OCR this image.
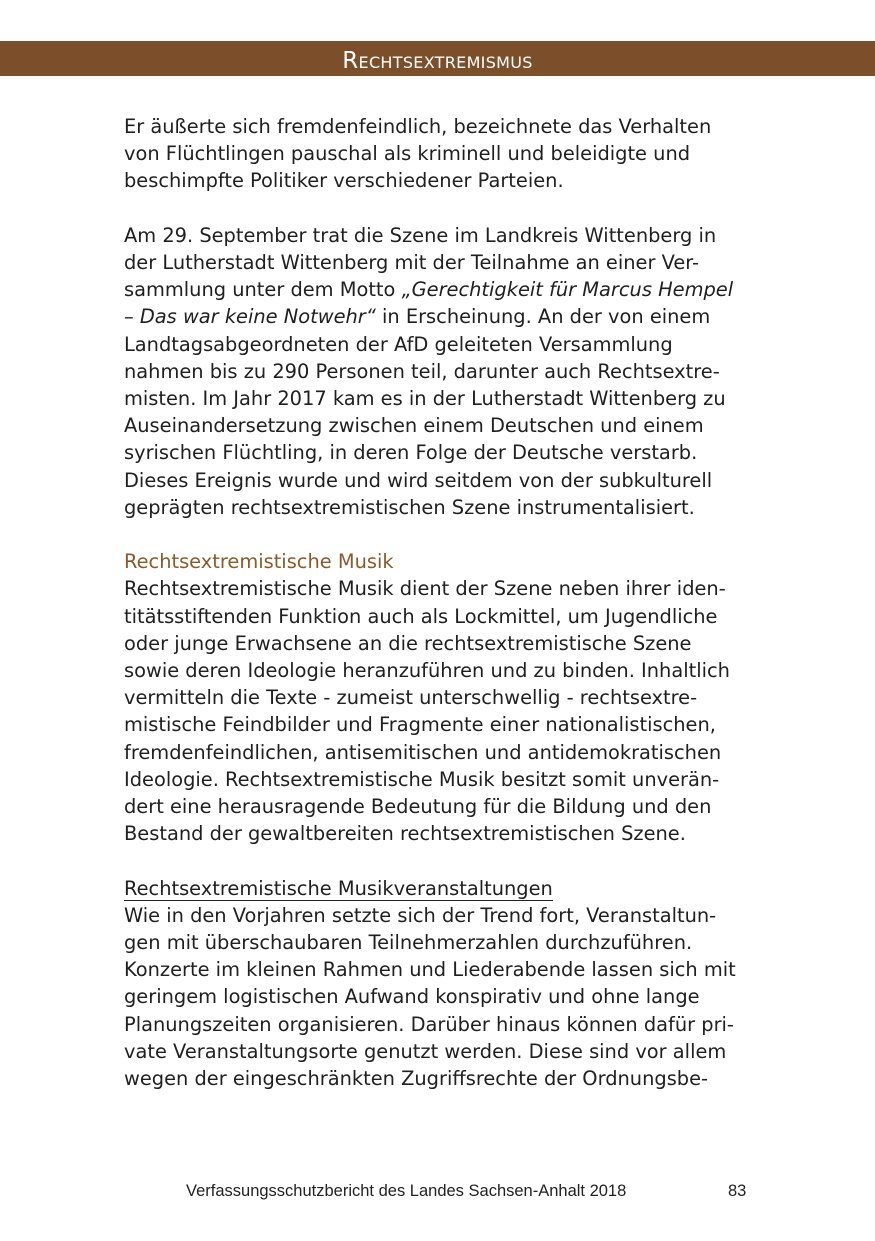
Rechtsextremismus

Er äußerte sich fremdenfeindlich, bezeichnete das Verhalten
von Flüchtlingen pauschal als kriminell und beleidigte und
beschimpfte Politiker verschiedener Parteien.

Am 29. September trat die Szene im Landkreis Wittenberg in
der Lutherstadt Wittenberg mit der Teilnahme an einer Ver-
sammlung unter dem Motto „Gerechtigkeit für Marcus Hempel
– Das war keine Notwehr“ in Erscheinung. An der von einem
Landtagsabgeordneten der AfD geleiteten Versammlung
nahmen bis zu 290 Personen teil, darunter auch Rechtsextre-
misten. Im Jahr 2017 kam es in der Lutherstadt Wittenberg zu
Auseinandersetzung zwischen einem Deutschen und einem
syrischen Flüchtling, in deren Folge der Deutsche verstarb.
Dieses Ereignis wurde und wird seitdem von der subkulturell
geprägten rechtsextremistischen Szene instrumentalisiert.

Rechtsextremistische Musik

Rechtsextremistische Musik dient der Szene neben ihrer iden-
titätsstiftenden Funktion auch als Lockmittel, um Jugendliche
oder junge Erwachsene an die rechtsextremistische Szene
sowie deren Ideologie heranzuführen und zu binden. Inhaltlich
vermitteln die Texte - zumeist unterschwellig - rechtsextre-
mistische Feindbilder und Fragmente einer nationalistischen,
fremdenfeindlichen, antisemitischen und antidemokratischen
Ideologie. Rechtsextremistische Musik besitzt somit unverän-
dert eine herausragende Bedeutung für die Bildung und den
Bestand der gewaltbereiten rechtsextremistischen Szene.

Rechtsextremistische Musikveranstaltungen

Wie in den Vorjahren setzte sich der Trend fort, Veranstaltun-
gen mit überschaubaren Teilnehmerzahlen durchzuführen.
Konzerte im kleinen Rahmen und Liederabende lassen sich mit
geringem logistischen Aufwand konspirativ und ohne lange
Planungszeiten organisieren. Darüber hinaus können dafür pri-
vate Veranstaltungsorte genutzt werden. Diese sind vor allem
wegen der eingeschränkten Zugriffsrechte der Ordnungsbe-

Verfassungsschutzbericht des Landes Sachsen-Anhalt 2018	83
